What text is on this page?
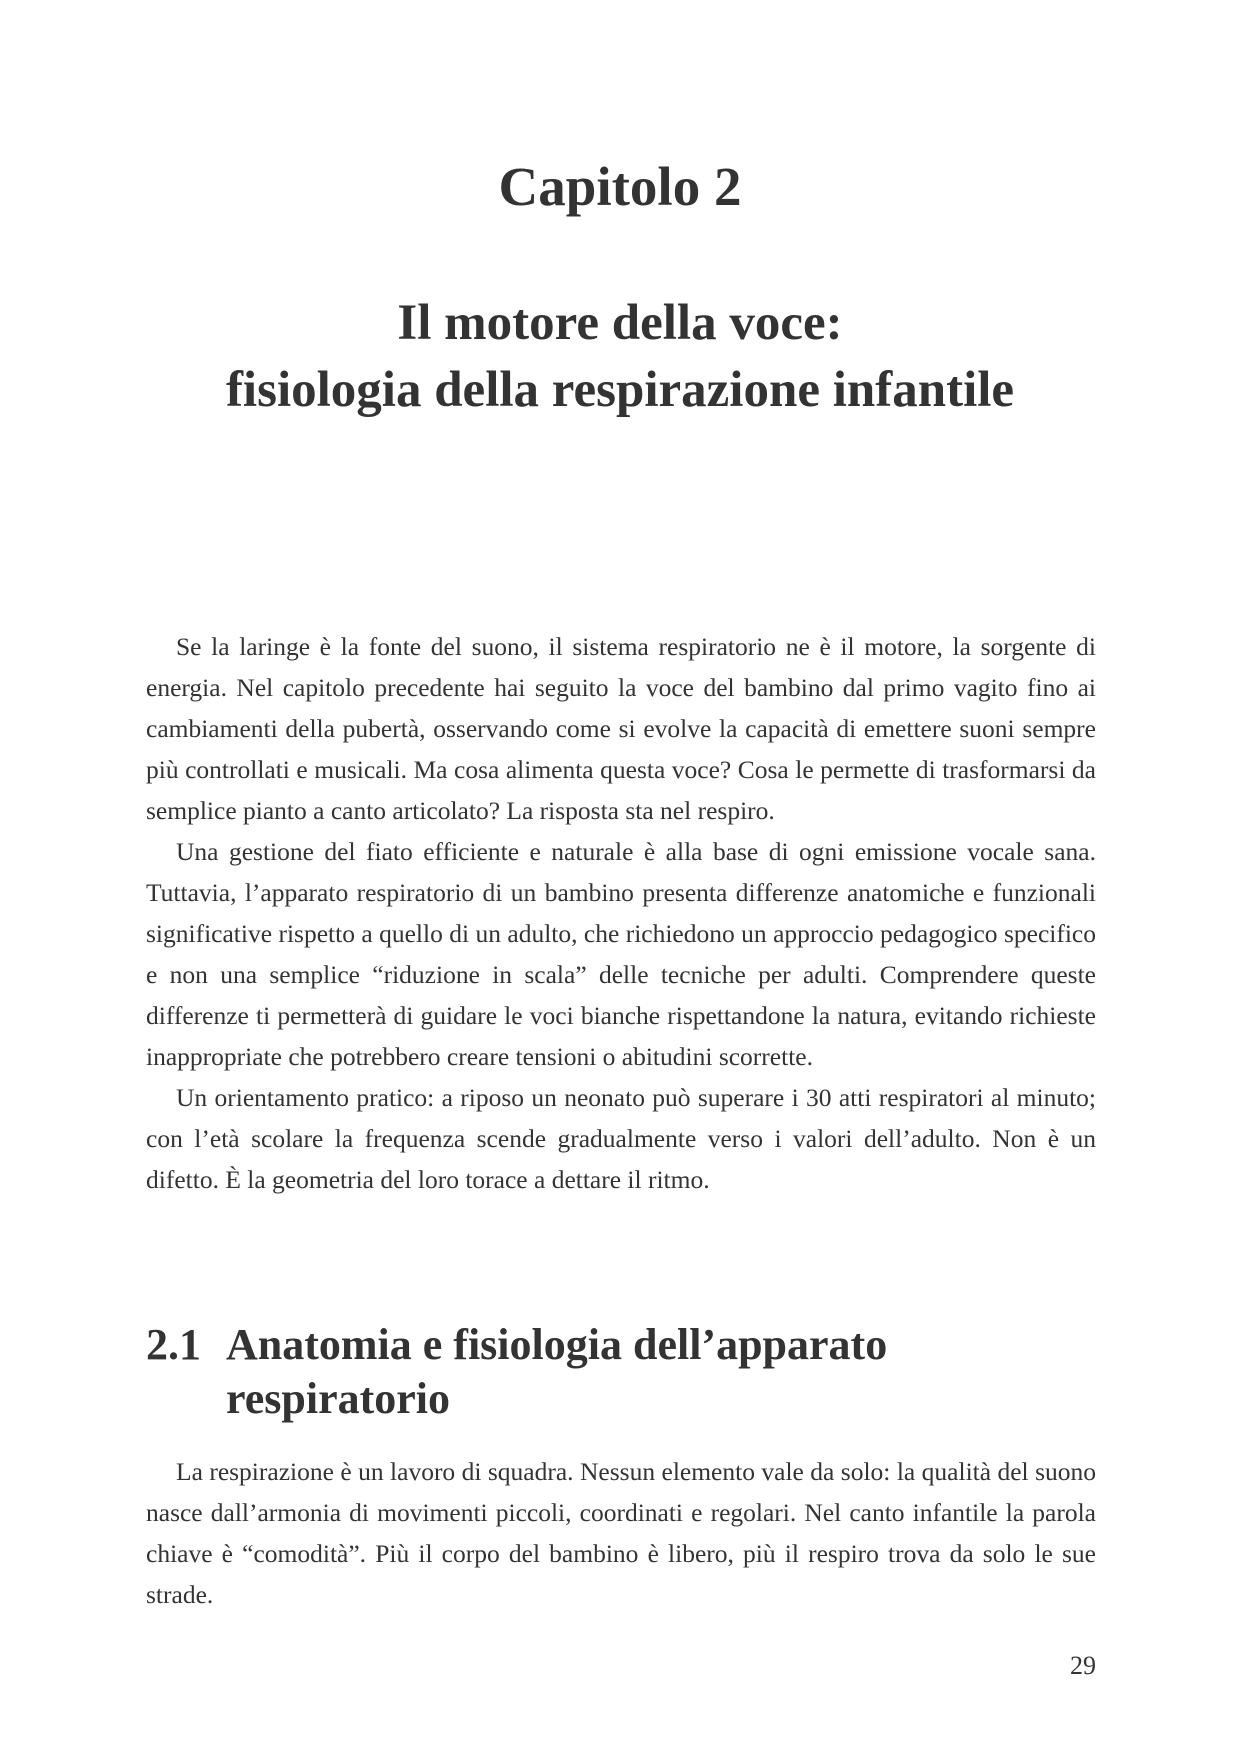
Capitolo 2
Il motore della voce:
fisiologia della respirazione infantile

Se la laringe è la fonte del suono, il sistema respiratorio ne è il motore, la sorgente di energia. Nel capitolo precedente hai seguito la voce del bambino dal primo vagito fino ai cambiamenti della pubertà, osservando come si evolve la capacità di emettere suoni sempre più controllati e musicali. Ma cosa alimenta questa voce? Cosa le permette di trasformarsi da semplice pianto a canto articolato? La risposta sta nel respiro.

Una gestione del fiato efficiente e naturale è alla base di ogni emissione vocale sana. Tuttavia, l’apparato respiratorio di un bambino presenta differenze anatomiche e funzionali significative rispetto a quello di un adulto, che richiedono un approccio pedagogico specifico e non una semplice “riduzione in scala” delle tecniche per adulti. Comprendere queste differenze ti permetterà di guidare le voci bianche rispettandone la natura, evitando richieste inappropriate che potrebbero creare tensioni o abitudini scorrette.

Un orientamento pratico: a riposo un neonato può superare i 30 atti respiratori al minuto; con l’età scolare la frequenza scende gradualmente verso i valori dell’adulto. Non è un difetto. È la geometria del loro torace a dettare il ritmo.

2.1 Anatomia e fisiologia dell’apparato
respiratorio

La respirazione è un lavoro di squadra. Nessun elemento vale da solo: la qualità del suono nasce dall’armonia di movimenti piccoli, coordinati e regolari. Nel canto infantile la parola chiave è “comodità”. Più il corpo del bambino è libero, più il respiro trova da solo le sue strade.

29
